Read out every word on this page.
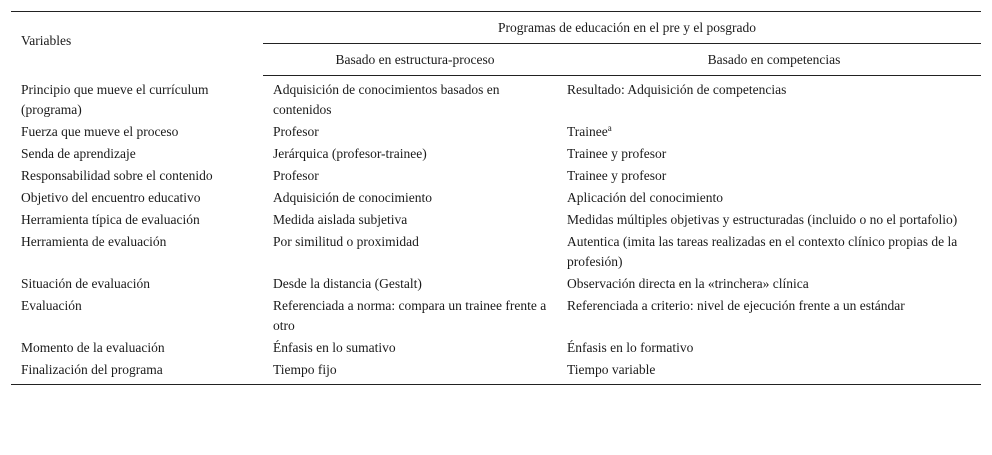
Variables	Programas de educación en el pre y el posgrado	
	Basado en estructura-proceso	Basado en competencias
Principio que mueve el currículum (programa)	Adquisición de conocimientos basados en contenidos	Resultado: Adquisición de competencias
Fuerza que mueve el proceso	Profesor	Trainee$^a$
Senda de aprendizaje	Jerárquica (profesor-trainee)	Trainee y profesor
Responsabilidad sobre el contenido	Profesor	Trainee y profesor
Objetivo del encuentro educativo	Adquisición de conocimiento	Aplicación del conocimiento
Herramienta típica de evaluación	Medida aislada subjetiva	Medidas múltiples objetivas y estructuradas (incluido o no el portafolio)
Herramienta de evaluación	Por similitud o proximidad	Autentica (imita las tareas realizadas en el contexto clínico propias de la profesión)
Situación de evaluación	Desde la distancia (Gestalt)	Observación directa en la «trinchera» clínica
Evaluación	Referenciada a norma: compara un trainee frente a otro	Referenciada a criterio: nivel de ejecución frente a un estándar
Momento de la evaluación	Énfasis en lo sumativo	Énfasis en lo formativo
Finalización del programa	Tiempo fijo	Tiempo variable
